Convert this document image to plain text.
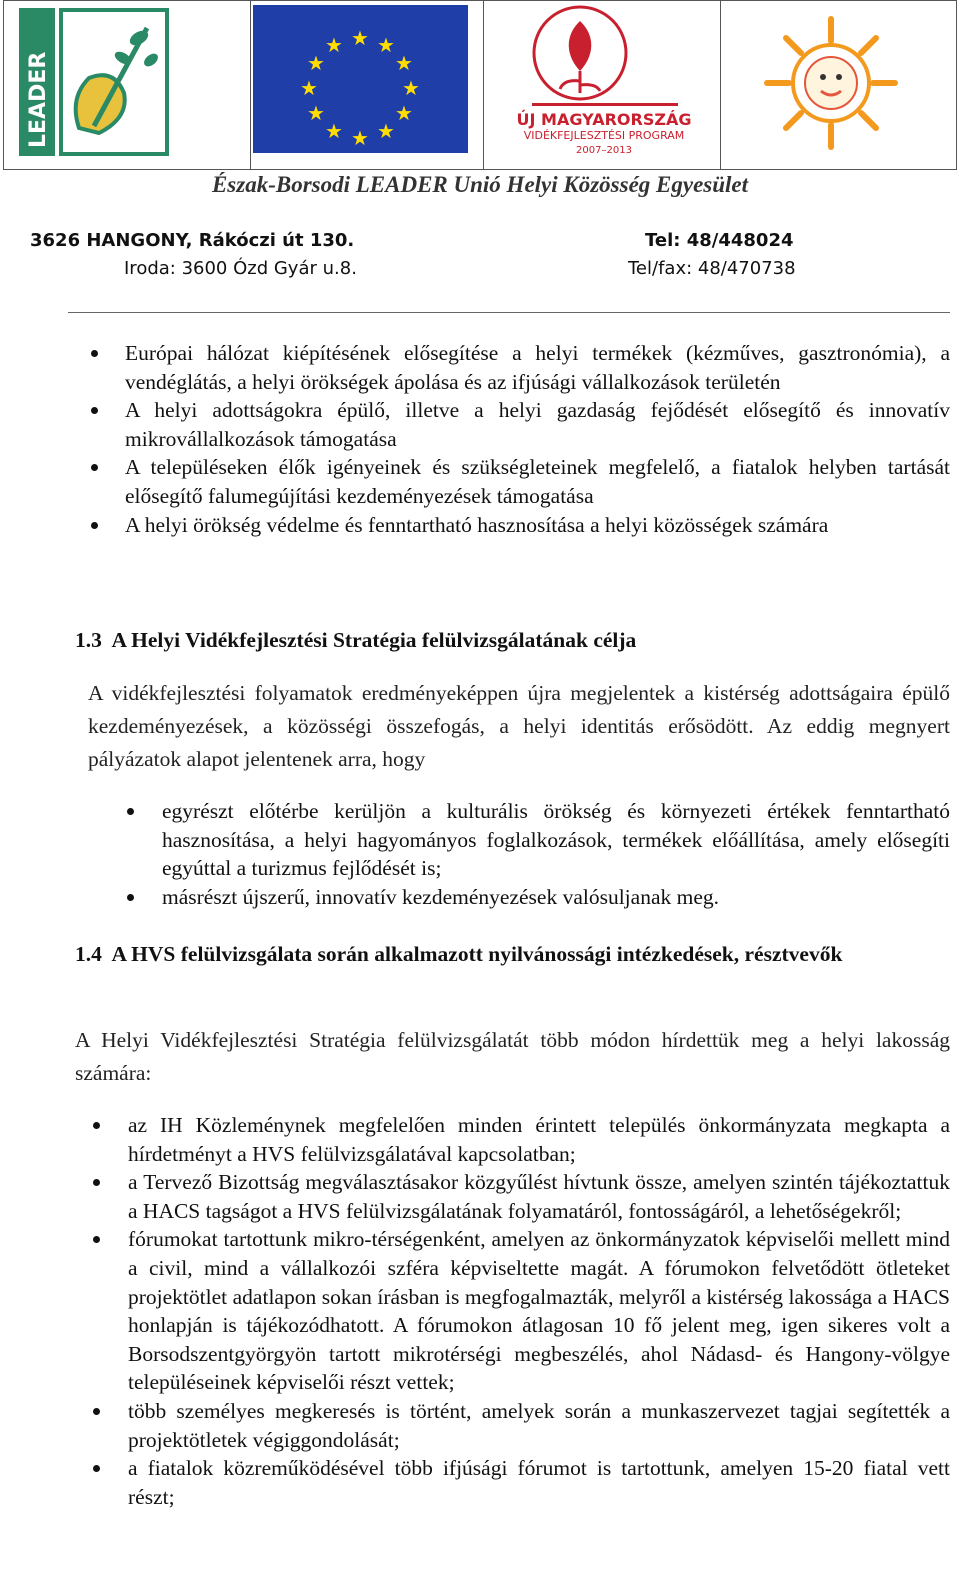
LEADER
★ ★
★
★
★
★
★
★
★
★
★
★
ÚJ MAGYARORSZÁG
VIDÉKFEJLESZTÉSI PROGRAM
2007–2013
Észak-Borsodi LEADER Unió Helyi Közösség Egyesület
3626 HANGONY, Rákóczi út 130.
Iroda: 3600 Ózd Gyár u.8.
Tel: 48/448024
Tel/fax: 48/470738

Európai hálózat kiépítésének elősegítése a helyi termékek (kézműves, gasztronómia), a vendéglátás, a helyi örökségek ápolása és az ifjúsági vállalkozások területén

A helyi adottságokra épülő, illetve a helyi gazdaság fejődését elősegítő és innovatív mikrovállalkozások támogatása

A településeken élők igényeinek és szükségleteinek megfelelő, a fiatalok helyben tartását elősegítő falumegújítási kezdeményezések támogatása

A helyi örökség védelme és fenntartható hasznosítása a helyi közösségek számára

1.3  A Helyi Vidékfejlesztési Stratégia felülvizsgálatának célja
A vidékfejlesztési folyamatok eredményeképpen újra megjelentek a kistérség adottságaira épülő kezdeményezések, a közösségi összefogás, a helyi identitás erősödött. Az eddig megnyert pályázatok alapot jelentenek arra, hogy

egyrészt előtérbe kerüljön a kulturális örökség és környezeti értékek fenntartható hasznosítása, a helyi hagyományos foglalkozások, termékek előállítása, amely elősegíti egyúttal a turizmus fejlődését is;

másrészt újszerű, innovatív kezdeményezések valósuljanak meg.

1.4  A HVS felülvizsgálata során alkalmazott nyilvánossági intézkedések, résztvevők
A Helyi Vidékfejlesztési Stratégia felülvizsgálatát több módon hírdettük meg a helyi lakosság számára:

az IH Közleménynek megfelelően minden érintett település önkormányzata megkapta a hírdetményt a HVS felülvizsgálatával kapcsolatban;

a Tervező Bizottság megválasztásakor közgyűlést hívtunk össze, amelyen szintén tájékoztattuk a HACS tagságot a HVS felülvizsgálatának folyamatáról, fontosságáról, a lehetőségekről;

fórumokat tartottunk mikro-térségenként, amelyen az önkormányzatok képviselői mellett mind a civil, mind a vállalkozói szféra képviseltette magát. A fórumokon felvetődött ötleteket projektötlet adatlapon sokan írásban is megfogalmazták, melyről a kistérség lakossága a HACS honlapján is tájékozódhatott. A fórumokon átlagosan 10 fő jelent meg, igen sikeres volt a Borsodszentgyörgyön tartott mikrotérségi megbeszélés, ahol Nádasd- és Hangony-völgye településeinek képviselői részt vettek;

több személyes megkeresés is történt, amelyek során a munkaszervezet tagjai segítették a projektötletek végiggondolását;

a fiatalok közreműködésével több ifjúsági fórumot is tartottunk, amelyen 15-20 fiatal vett részt;
